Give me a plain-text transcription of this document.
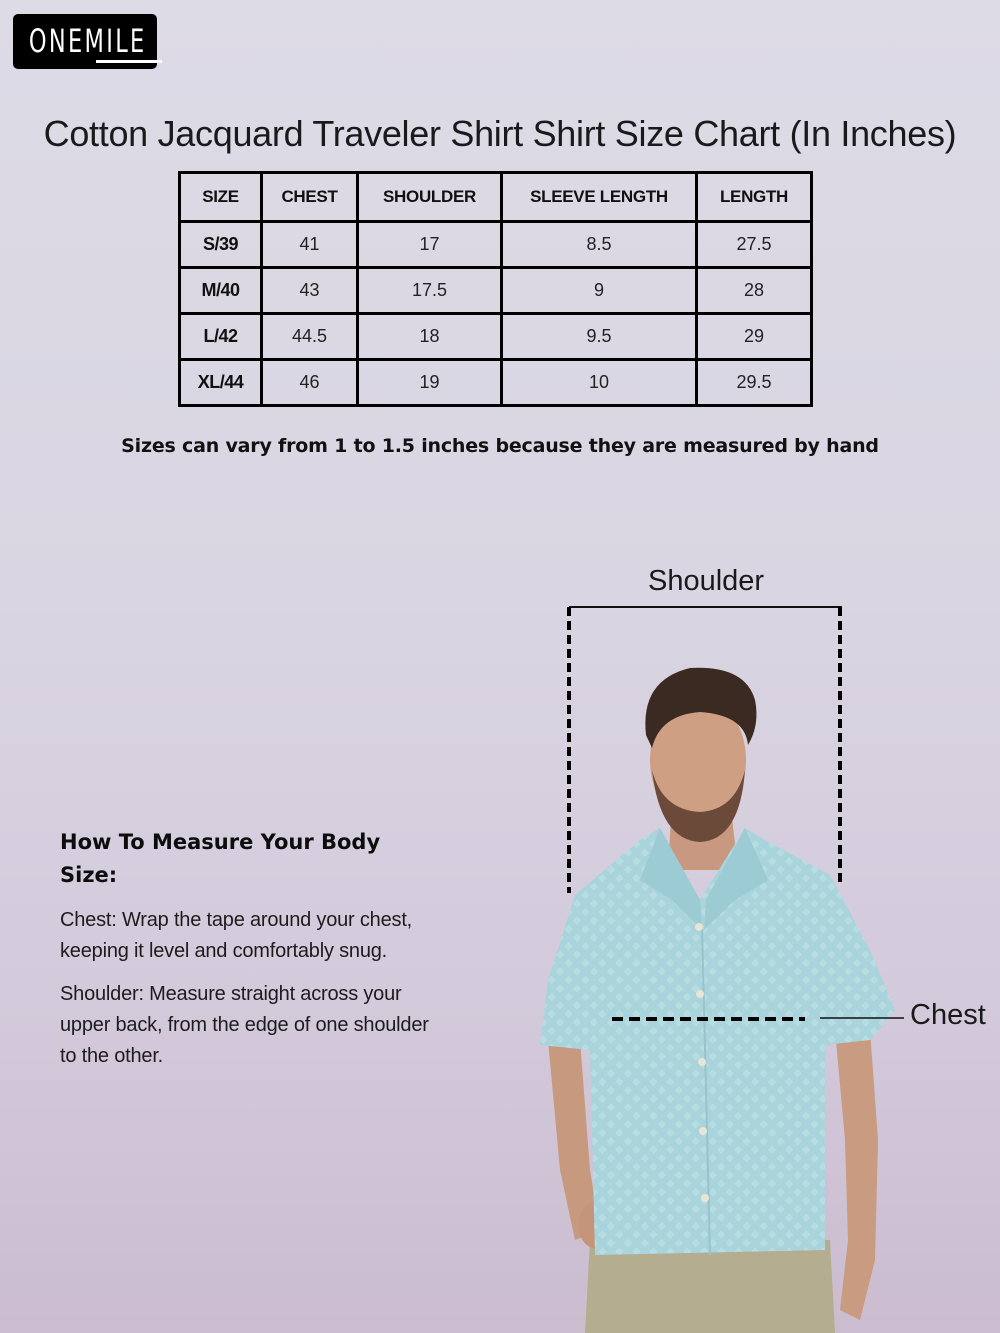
ONEMILE
Cotton Jacquard Traveler Shirt Shirt Size Chart (In Inches)
SIZE	CHEST	SHOULDER	SLEEVE LENGTH	LENGTH
S/39	41	17	8.5	27.5
M/40	43	17.5	9	28
L/42	44.5	18	9.5	29
XL/44	46	19	10	29.5
Sizes can vary from 1 to 1.5 inches because they are measured by hand
How To Measure Your Body Size:

Chest: Wrap the tape around your chest, keeping it level and comfortably snug.

Shoulder: Measure straight across your upper back, from the edge of one shoulder to the other.

Shoulder
Chest
